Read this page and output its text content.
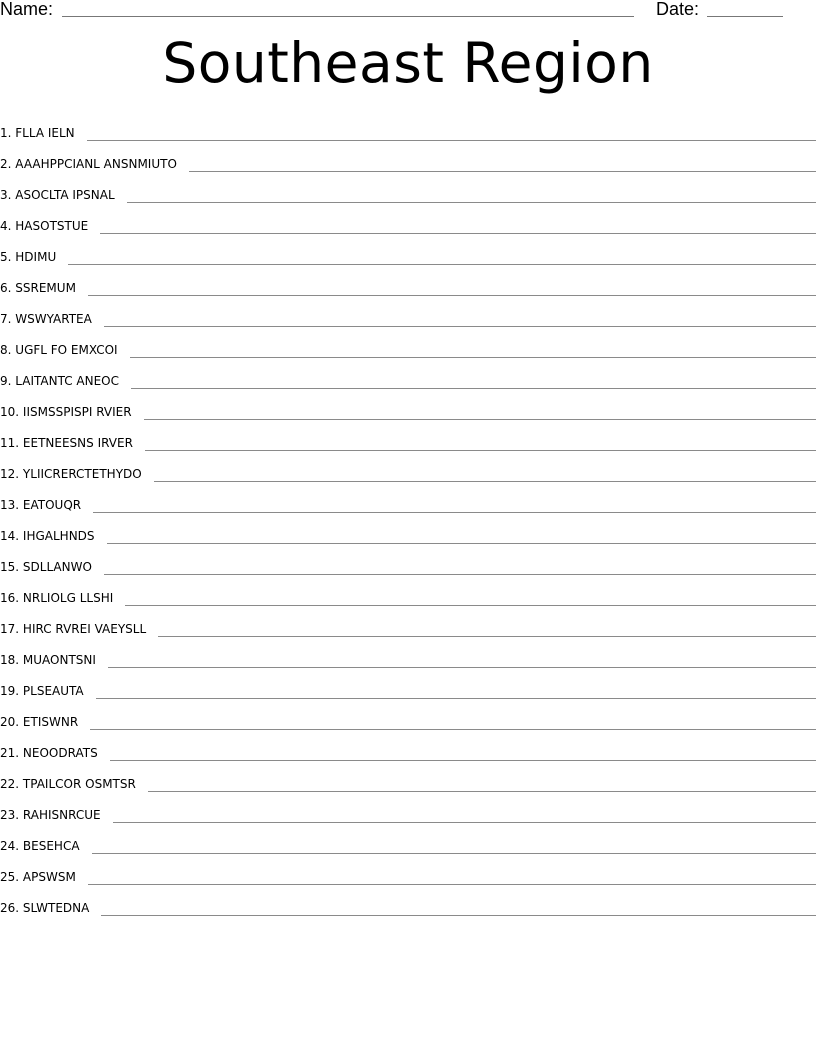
Name:	Date:
Southeast Region
1. FLLA IELN
2. AAAHPPCIANL ANSNMIUTO
3. ASOCLTA IPSNAL
4. HASOTSTUE
5. HDIMU
6. SSREMUM
7. WSWYARTEA
8. UGFL FO EMXCOI
9. LAITANTC ANEOC
10. IISMSSPISPI RVIER
11. EETNEESNS IRVER
12. YLIICRERCTETHYDO
13. EATOUQR
14. IHGALHNDS
15. SDLLANWO
16. NRLIOLG LLSHI
17. HIRC RVREI VAEYSLL
18. MUAONTSNI
19. PLSEAUTA
20. ETISWNR
21. NEOODRATS
22. TPAILCOR OSMTSR
23. RAHISNRCUE
24. BESEHCA
25. APSWSM
26. SLWTEDNA
